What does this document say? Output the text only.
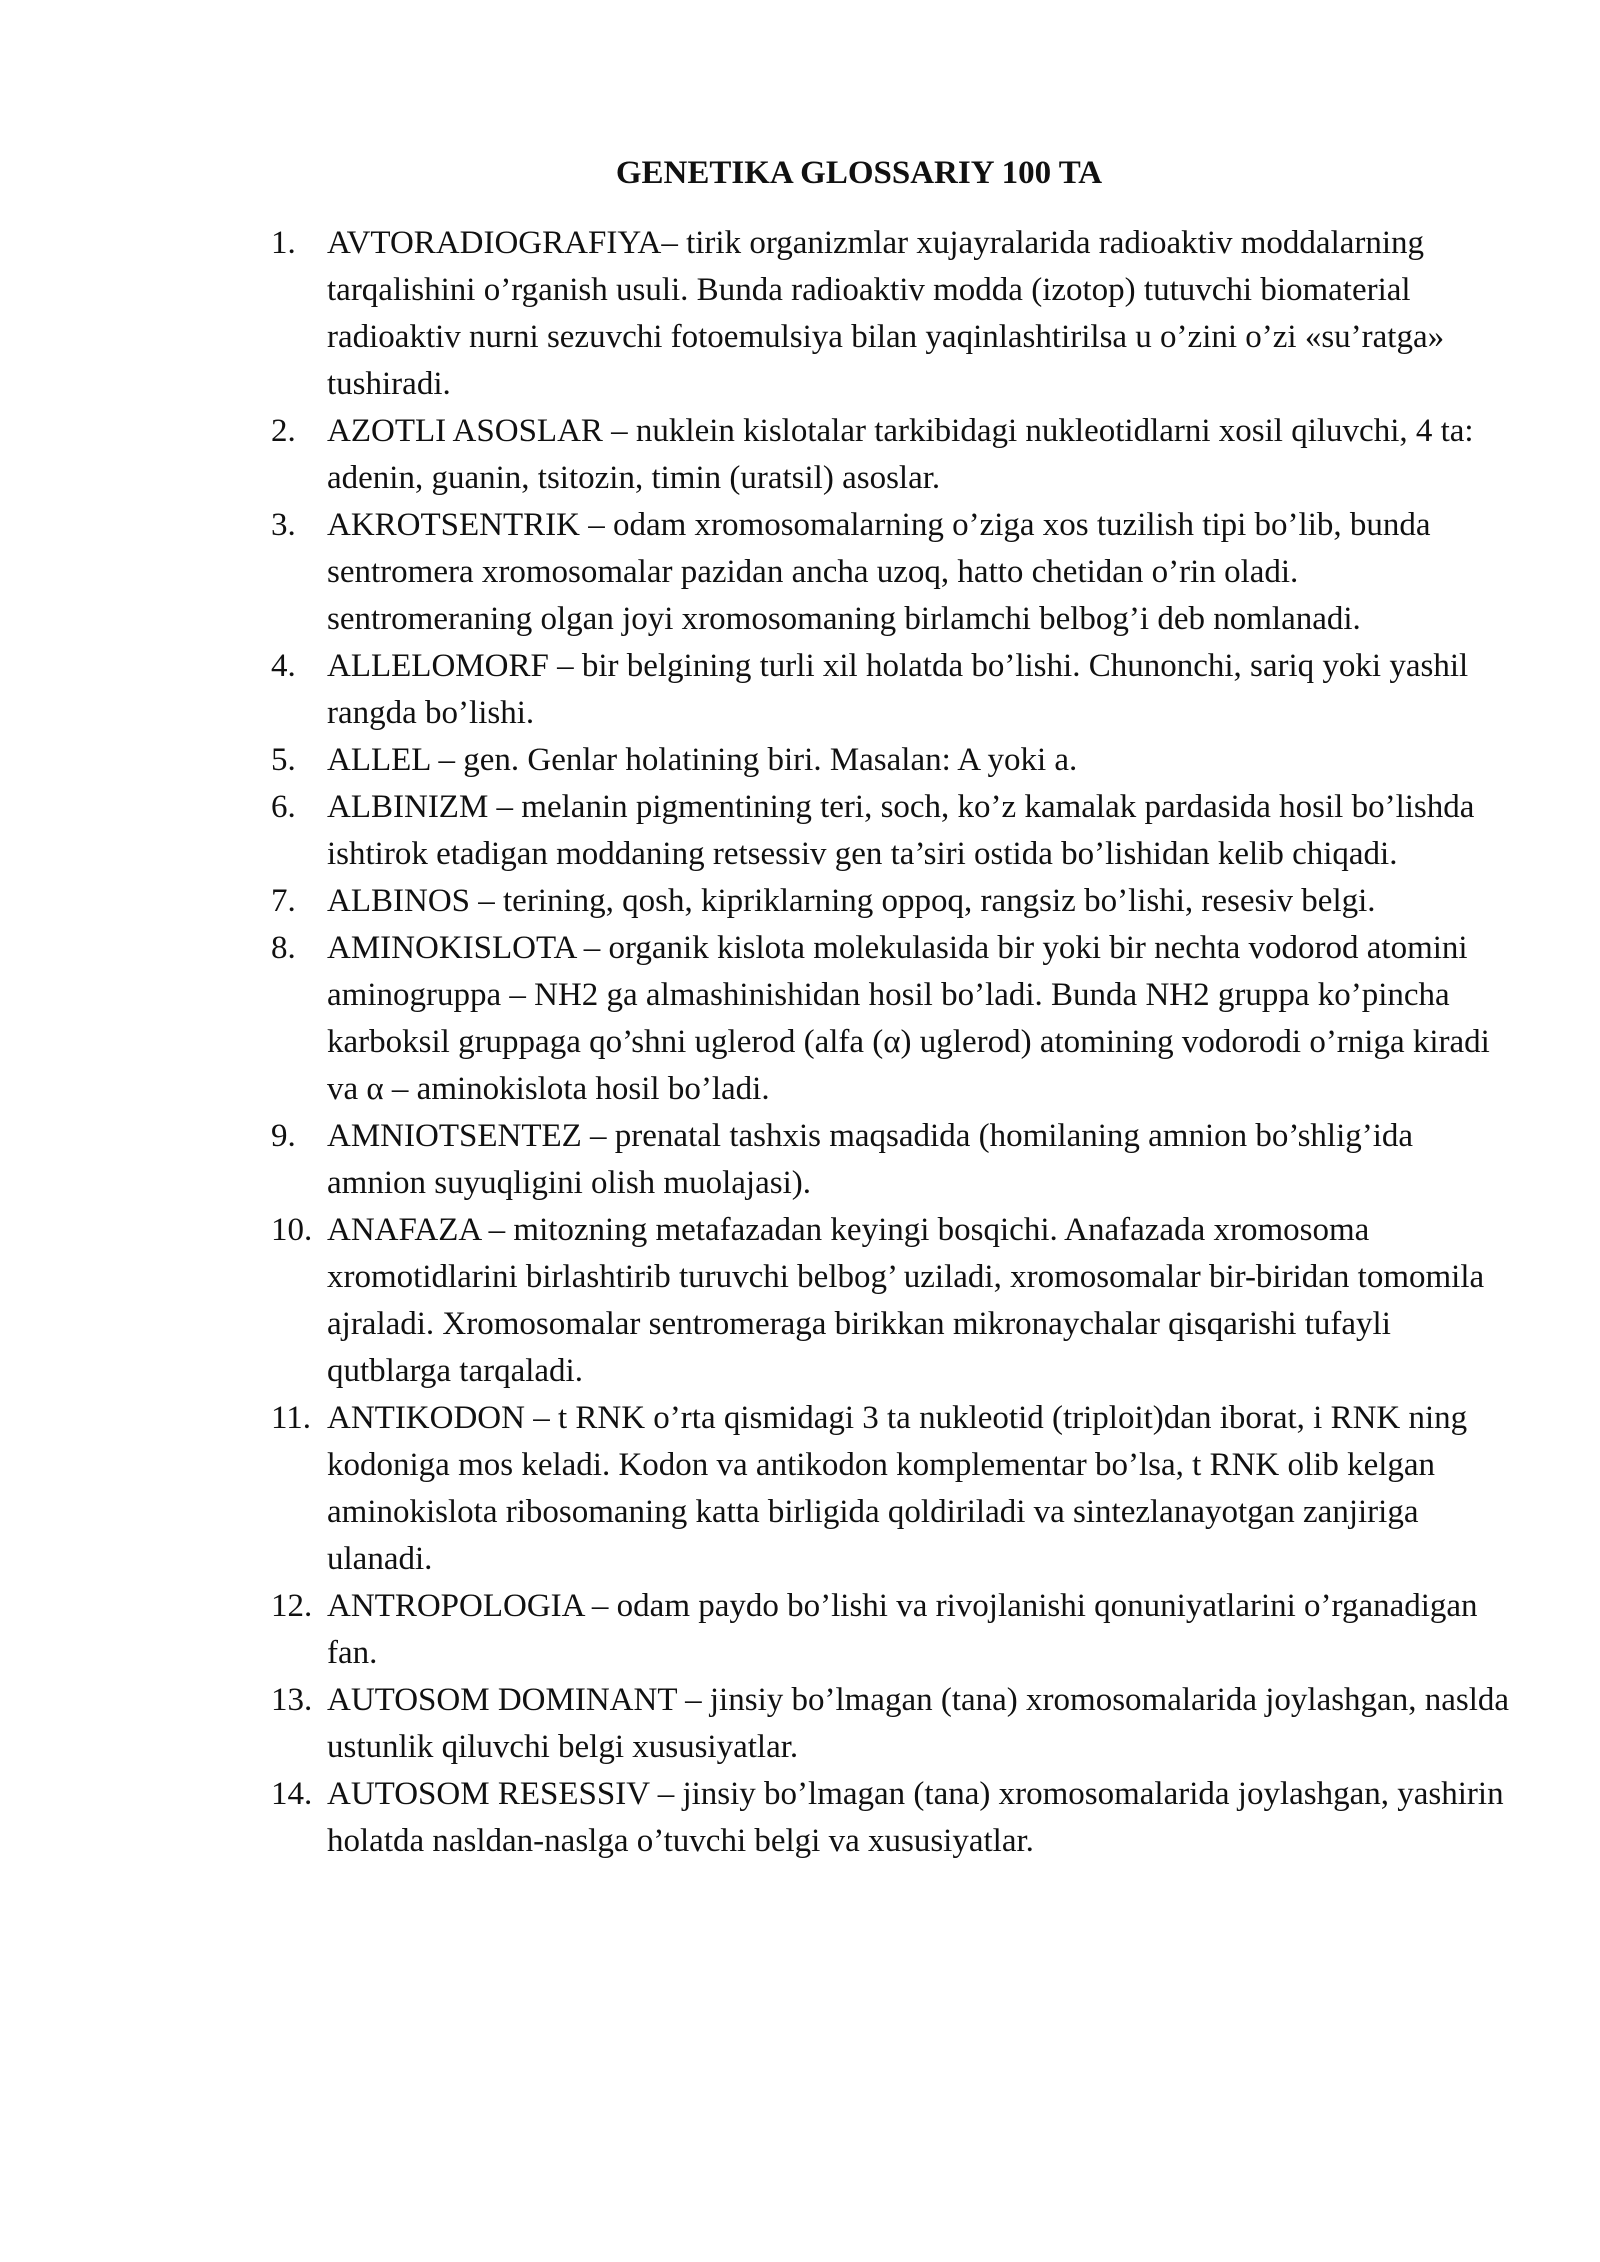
GENETIKA GLOSSARIY 100 TA
1. AVTORADIOGRAFIYA– tirik organizmlar xujayralarida radioaktiv moddalarning tarqalishini o’rganish usuli. Bunda radioaktiv modda (izotop) tutuvchi biomaterial radioaktiv nurni sezuvchi fotoemulsiya bilan yaqinlashtirilsa u o’zini o’zi «su’ratga» tushiradi.
2. AZOTLI ASOSLAR – nuklein kislotalar tarkibidagi nukleotidlarni xosil qiluvchi, 4 ta: adenin, guanin, tsitozin, timin (uratsil) asoslar.
3. AKROTSENTRIK – odam xromosomalarning o’ziga xos tuzilish tipi bo’lib, bunda sentromera xromosomalar pazidan ancha uzoq, hatto chetidan o’rin oladi. sentromeraning olgan joyi xromosomaning birlamchi belbog’i deb nomlanadi.
4. ALLELOMORF – bir belgining turli xil holatda bo’lishi. Chunonchi, sariq yoki yashil rangda bo’lishi.
5. ALLEL – gen. Genlar holatining biri. Masalan: A yoki a.
6. ALBINIZM – melanin pigmentining teri, soch, ko’z kamalak pardasida hosil bo’lishda ishtirok etadigan moddaning retsessiv gen ta’siri ostida bo’lishidan kelib chiqadi.
7. ALBINOS – terining, qosh, kipriklarning oppoq, rangsiz bo’lishi, resesiv belgi.
8. AMINOKISLOTA – organik kislota molekulasida bir yoki bir nechta vodorod atomini aminogruppa – NH2 ga almashinishidan hosil bo’ladi. Bunda NH2 gruppa ko’pincha karboksil gruppaga qo’shni uglerod (alfa (α) uglerod) atomining vodorodi o’rniga kiradi va α – aminokislota hosil bo’ladi.
9. AMNIOTSENTEZ – prenatal tashxis maqsadida (homilaning amnion bo’shlig’ida amnion suyuqligini olish muolajasi).
10. ANAFAZA – mitozning metafazadan keyingi bosqichi. Anafazada xromosoma xromotidlarini birlashtirib turuvchi belbog’ uziladi, xromosomalar bir-biridan tomomila ajraladi. Xromosomalar sentromeraga birikkan mikronaychalar qisqarishi tufayli qutblarga tarqaladi.
11. ANTIKODON – t RNK o’rta qismidagi 3 ta nukleotid (triploit)dan iborat, i RNK ning kodoniga mos keladi. Kodon va antikodon komplementar bo’lsa, t RNK olib kelgan aminokislota ribosomaning katta birligida qoldiriladi va sintezlanayotgan zanjiriga ulanadi.
12. ANTROPOLOGIA – odam paydo bo’lishi va rivojlanishi qonuniyatlarini o’rganadigan fan.
13. AUTOSOM DOMINANT – jinsiy bo’lmagan (tana) xromosomalarida joylashgan, naslda ustunlik qiluvchi belgi xususiyatlar.
14. AUTOSOM RESESSIV – jinsiy bo’lmagan (tana) xromosomalarida joylashgan, yashirin holatda nasldan-naslga o’tuvchi belgi va xususiyatlar.
